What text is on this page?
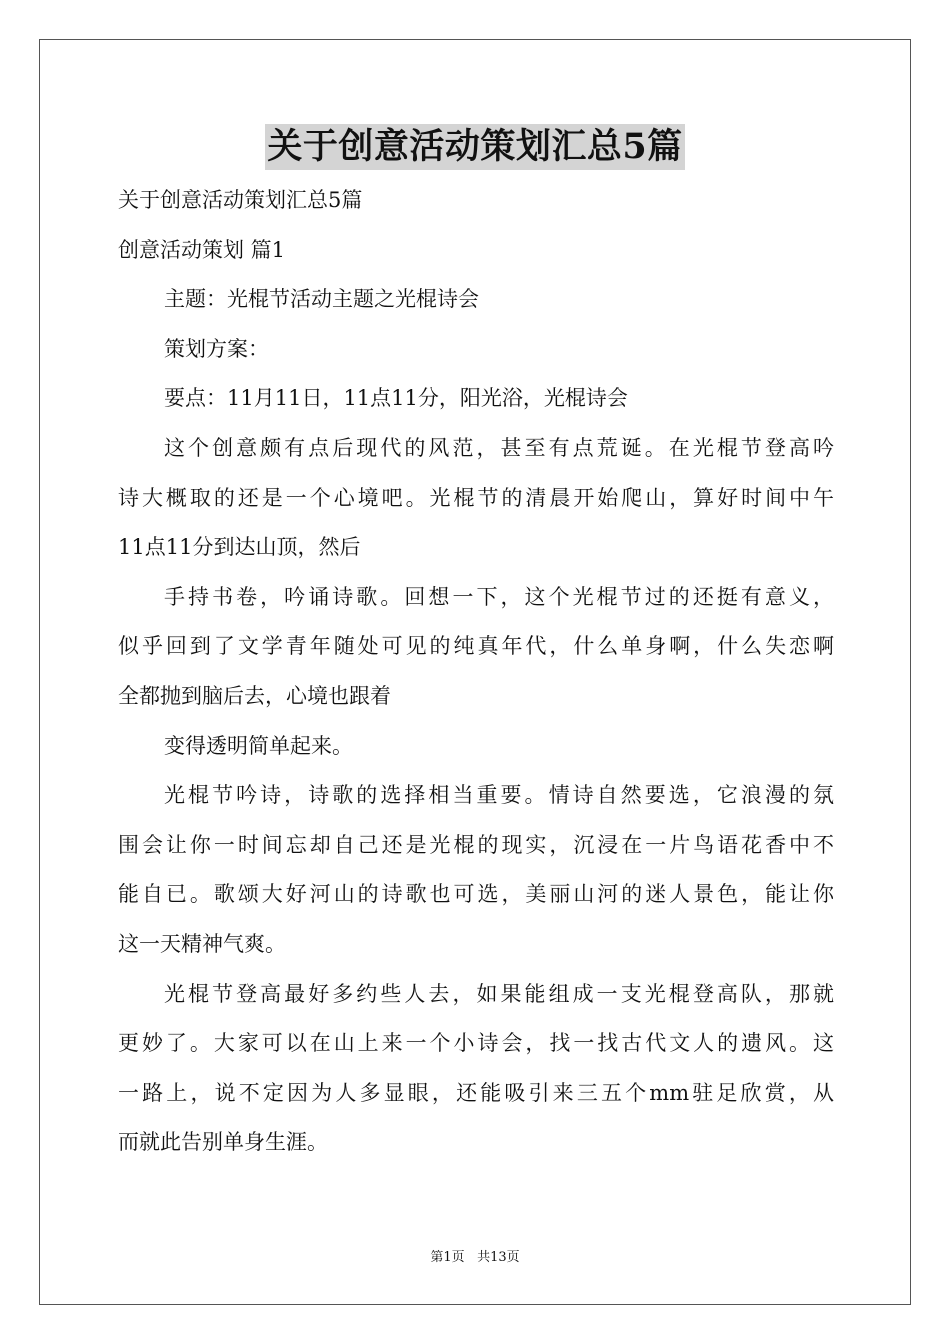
关于创意活动策划汇总5篇
关于创意活动策划汇总5篇
创意活动策划 篇1
主题：光棍节活动主题之光棍诗会
策划方案：
要点：11月11日，11点11分，阳光浴，光棍诗会
这个创意颇有点后现代的风范，甚至有点荒诞。在光棍节登高吟
诗大概取的还是一个心境吧。光棍节的清晨开始爬山，算好时间中午
11点11分到达山顶，然后
手持书卷，吟诵诗歌。回想一下，这个光棍节过的还挺有意义，
似乎回到了文学青年随处可见的纯真年代，什么单身啊，什么失恋啊
全都抛到脑后去，心境也跟着
变得透明简单起来。
光棍节吟诗，诗歌的选择相当重要。情诗自然要选，它浪漫的氛
围会让你一时间忘却自己还是光棍的现实，沉浸在一片鸟语花香中不
能自已。歌颂大好河山的诗歌也可选，美丽山河的迷人景色，能让你
这一天精神气爽。
光棍节登高最好多约些人去，如果能组成一支光棍登高队，那就
更妙了。大家可以在山上来一个小诗会，找一找古代文人的遗风。这
一路上，说不定因为人多显眼，还能吸引来三五个mm驻足欣赏，从
而就此告别单身生涯。
第1页 共13页
